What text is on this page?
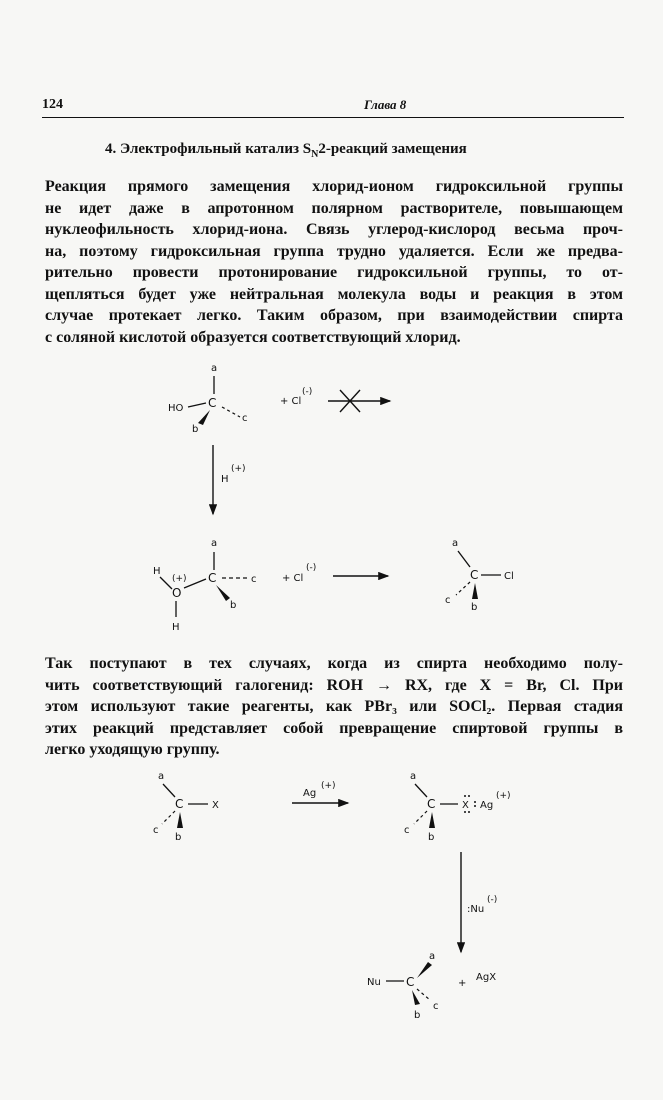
124	Глава 8
4. Электрофильный катализ $S_N2$-реакций замещения
Реакция прямого замещения хлорид-ионом гидроксильной группы
не идет даже в апротонном полярном растворителе, повышающем
нуклеофильность хлорид-иона. Связь углерод-кислород весьма проч-
на, поэтому гидроксильная группа трудно удаляется. Если же предва-
рительно провести протонирование гидроксильной группы, то от-
щепляться будет уже нейтральная молекула воды и реакция в этом
случае протекает легко. Таким образом, при взаимодействии спирта
с соляной кислотой образуется соответствующий хлорид.
Так поступают в тех случаях, когда из спирта необходимо полу-
чить соответствующий галогенид: ROH → RX, где X = Br, Cl. При
этом используют такие реагенты, как PBr₃ или SOCl₂. Первая стадия
этих реакций представляет собой превращение спиртовой группы в
легко уходящую группу.
a
C
HO
b
c
+ Cl
(-)
H
(+)
a
C	c
b
H
(+)
O
H
+ Cl
(-)
a
C	Cl
c
b
a
C	X
c
b
Ag
(+)
a
C	X Ag
(+)
c
b
:Nu
(-)
Nu C
a
b
c
+
AgX
